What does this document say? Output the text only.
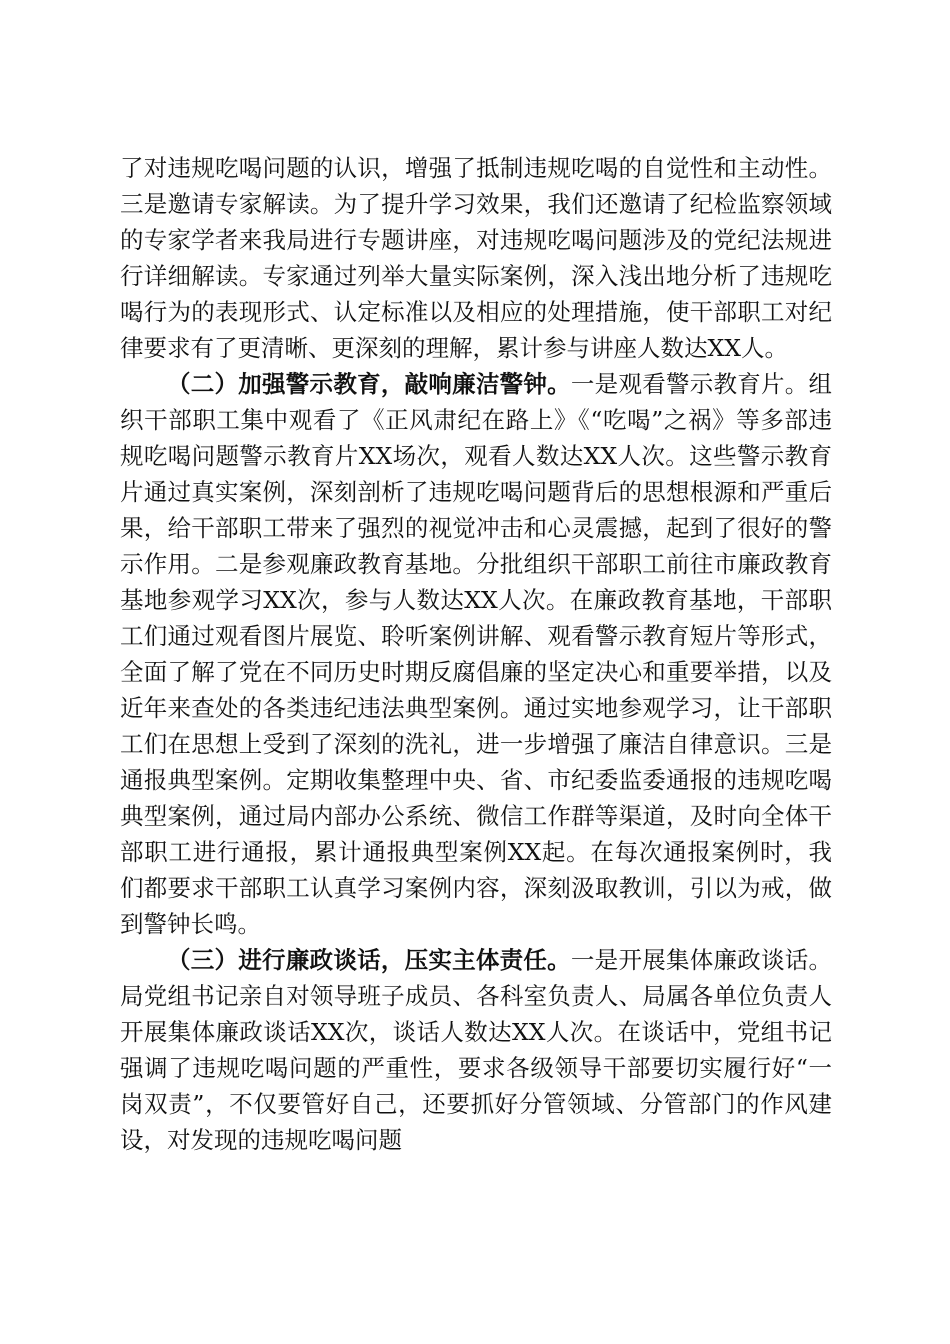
了对违规吃喝问题的认识，增强了抵制违规吃喝的自觉性和主动性。三是邀请专家解读。为了提升学习效果，我们还邀请了纪检监察领域的专家学者来我局进行专题讲座，对违规吃喝问题涉及的党纪法规进行详细解读。专家通过列举大量实际案例，深入浅出地分析了违规吃喝行为的表现形式、认定标准以及相应的处理措施，使干部职工对纪律要求有了更清晰、更深刻的理解，累计参与讲座人数达XX人。

（二）加强警示教育，敲响廉洁警钟。一是观看警示教育片。组织干部职工集中观看了《正风肃纪在路上》《“吃喝”之祸》等多部违规吃喝问题警示教育片XX场次，观看人数达XX人次。这些警示教育片通过真实案例，深刻剖析了违规吃喝问题背后的思想根源和严重后果，给干部职工带来了强烈的视觉冲击和心灵震撼，起到了很好的警示作用。二是参观廉政教育基地。分批组织干部职工前往市廉政教育基地参观学习XX次，参与人数达XX人次。在廉政教育基地，干部职工们通过观看图片展览、聆听案例讲解、观看警示教育短片等形式，全面了解了党在不同历史时期反腐倡廉的坚定决心和重要举措，以及近年来查处的各类违纪违法典型案例。通过实地参观学习，让干部职工们在思想上受到了深刻的洗礼，进一步增强了廉洁自律意识。三是通报典型案例。定期收集整理中央、省、市纪委监委通报的违规吃喝典型案例，通过局内部办公系统、微信工作群等渠道，及时向全体干部职工进行通报，累计通报典型案例XX起。在每次通报案例时，我们都要求干部职工认真学习案例内容，深刻汲取教训，引以为戒，做到警钟长鸣。

（三）进行廉政谈话，压实主体责任。一是开展集体廉政谈话。局党组书记亲自对领导班子成员、各科室负责人、局属各单位负责人开展集体廉政谈话XX次，谈话人数达XX人次。在谈话中，党组书记强调了违规吃喝问题的严重性，要求各级领导干部要切实履行好“一岗双责”，不仅要管好自己，还要抓好分管领域、分管部门的作风建设，对发现的违规吃喝问题
